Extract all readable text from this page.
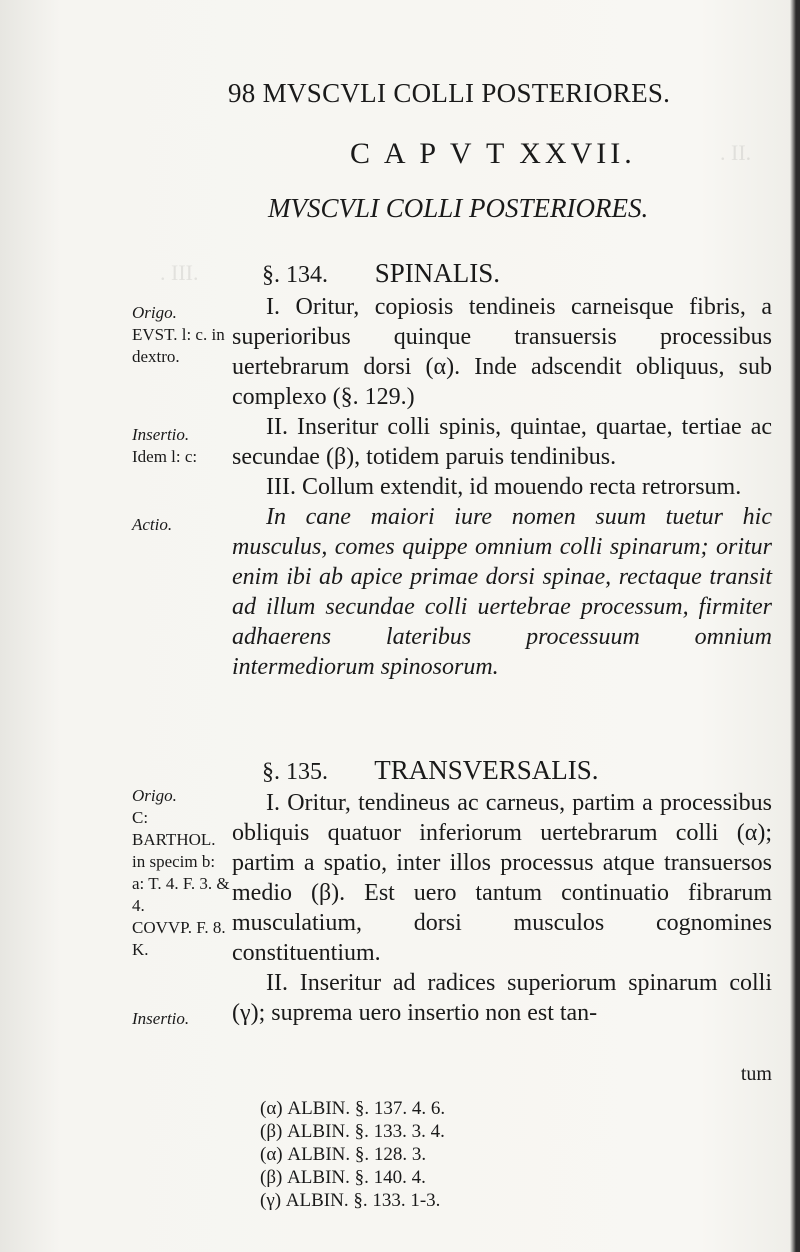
. II.
. III.
98 MVSCVLI COLLI POSTERIORES.
C A P V T XXVII.
MVSCVLI COLLI POSTERIORES.
§. 134. SPINALIS.
Origo.
EVST. l: c. in dextro.
Insertio.
Idem l: c:
Actio.

I. Oritur, copiosis tendineis carneisque fibris, a superioribus quinque transuersis processibus uertebrarum dorsi (α). Inde adscendit obliquus, sub complexo (§. 129.)

II. Inseritur colli spinis, quintae, quartae, tertiae ac secundae (β), totidem paruis tendinibus.

III. Collum extendit, id mouendo recta retrorsum.

In cane maiori iure nomen suum tuetur hic musculus, comes quippe omnium colli spinarum; oritur enim ibi ab apice primae dorsi spinae, rectaque transit ad illum secundae colli uertebrae processum, firmiter adhaerens lateribus processuum omnium intermediorum spinosorum.

§. 135. TRANSVERSALIS.
Origo.
C: BARTHOL. in specim b: a: T. 4. F. 3. & 4.
COVVP. F. 8. K.
Insertio.

I. Oritur, tendineus ac carneus, partim a processibus obliquis quatuor inferiorum uertebrarum colli (α); partim a spatio, inter illos processus atque transuersos medio (β). Est uero tantum continuatio fibrarum musculatium, dorsi musculos cognomines constituentium.

II. Inseritur ad radices superiorum spinarum colli (γ); suprema uero insertio non est tan-

tum
(α) ALBIN. §. 137. 4. 6.
(β) ALBIN. §. 133. 3. 4.
(α) ALBIN. §. 128. 3.
(β) ALBIN. §. 140. 4.
(γ) ALBIN. §. 133. 1-3.
